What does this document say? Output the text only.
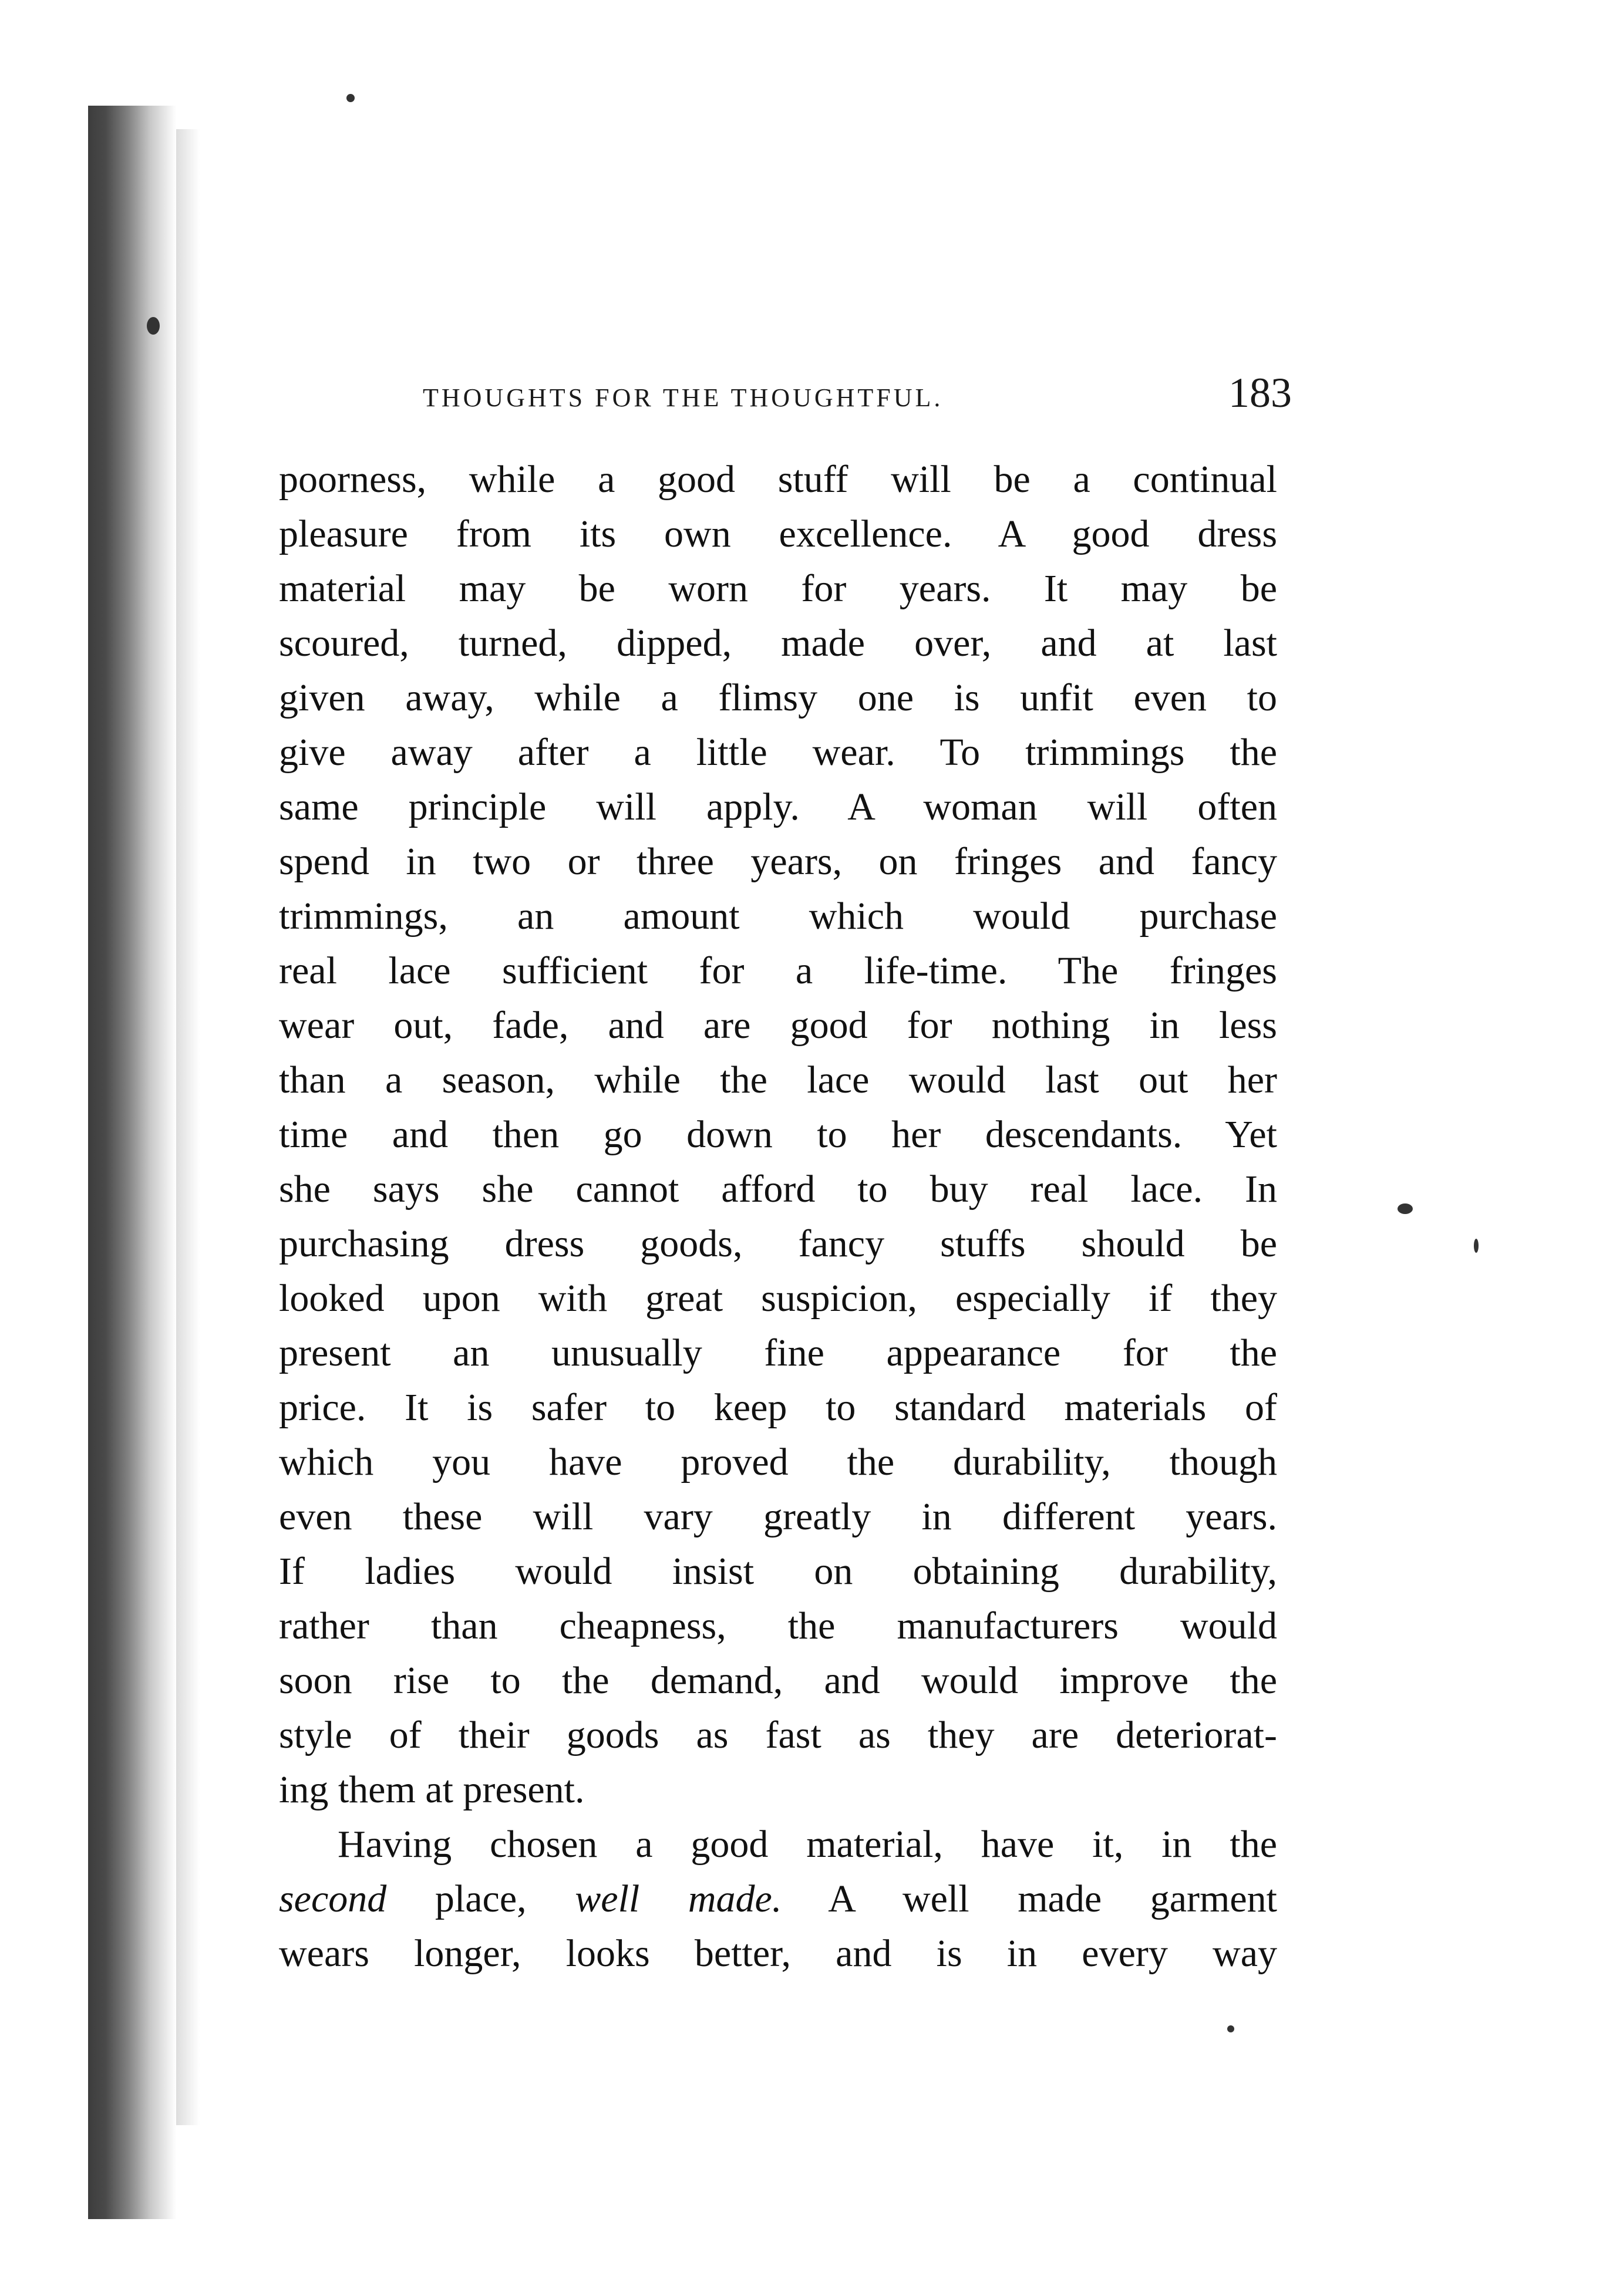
THOUGHTS FOR THE THOUGHTFUL.	183
poorness, while a good stuff will be a continual
pleasure from its own excellence. A good dress
material may be worn for years. It may be
scoured, turned, dipped, made over, and at last
given away, while a flimsy one is unfit even to
give away after a little wear. To trimmings the
same principle will apply. A woman will often
spend in two or three years, on fringes and fancy
trimmings, an amount which would purchase
real lace sufficient for a life-time. The fringes
wear out, fade, and are good for nothing in less
than a season, while the lace would last out her
time and then go down to her descendants. Yet
she says she cannot afford to buy real lace. In
purchasing dress goods, fancy stuffs should be
looked upon with great suspicion, especially if they
present an unusually fine appearance for the
price. It is safer to keep to standard materials of
which you have proved the durability, though
even these will vary greatly in different years.
If ladies would insist on obtaining durability,
rather than cheapness, the manufacturers would
soon rise to the demand, and would improve the
style of their goods as fast as they are deteriorat-
ing them at present.
Having chosen a good material, have it, in the
second place, well made. A well made garment
wears longer, looks better, and is in every way
